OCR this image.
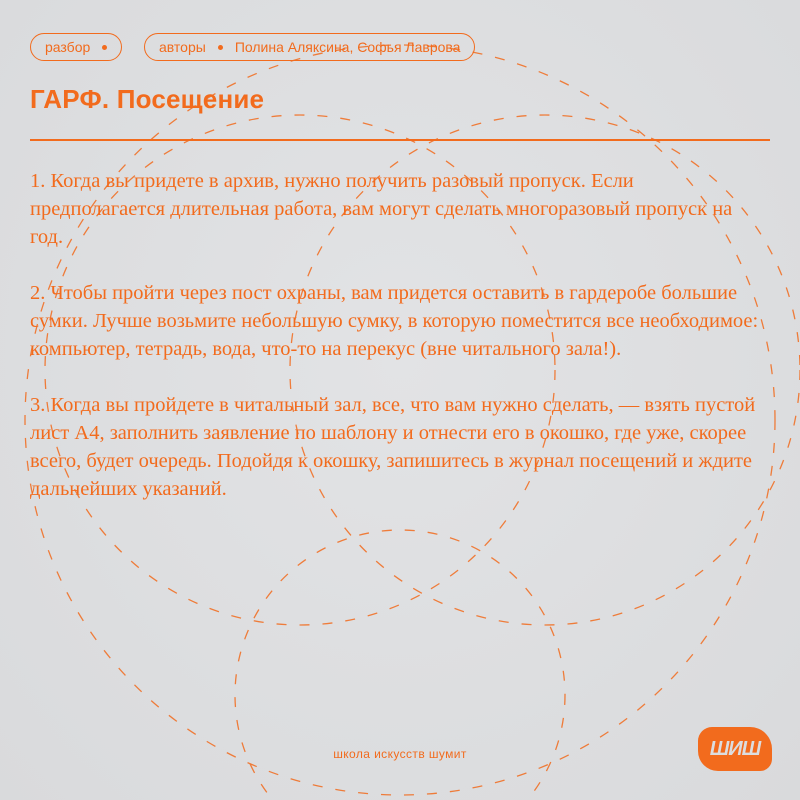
разбор	авторы Полина Аляксина, Софья Лаврова
ГАРФ. Посещение

1. Когда вы придете в архив, нужно получить разовый пропуск. Если предполагается длительная работа, вам могут сделать многоразовый пропуск на год.

2. Чтобы пройти через пост охраны, вам придется оставить в гардеробе большие сумки. Лучше возьмите небольшую сумку, в которую поместится все необходимое: компьютер, тетрадь, вода, что-то на перекус (вне читального зала!).

3. Когда вы пройдете в читальный зал, все, что вам нужно сделать, — взять пустой лист А4, заполнить заявление по шаблону и отнести его в окошко, где уже, скорее всего, будет очередь. Подойдя к окошку, запишитесь в журнал посещений и ждите дальнейших указаний.

школа искусств шумит	ШИШ
